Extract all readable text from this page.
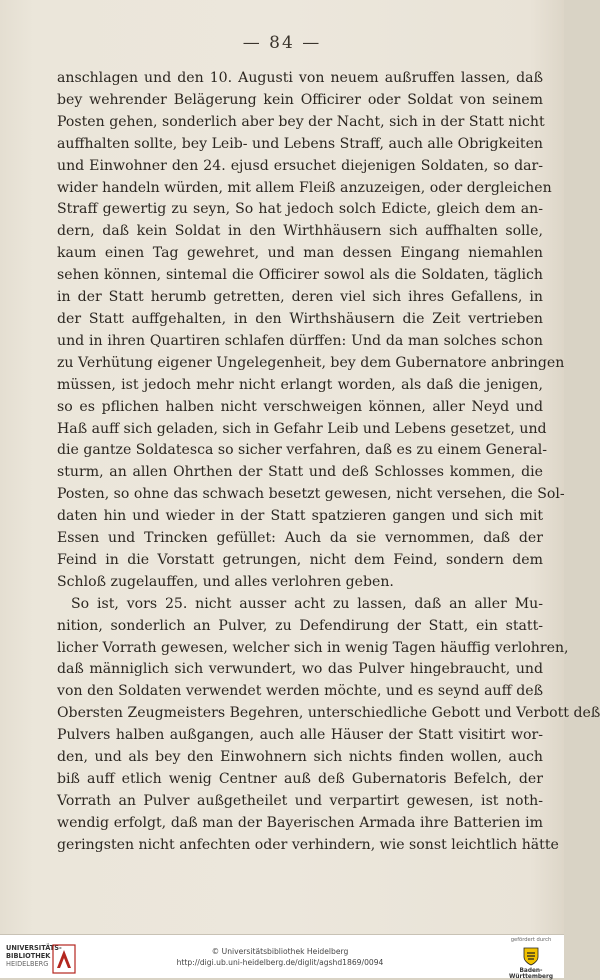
— 84 —
anschlagen und den 10. Augusti von neuem außruffen lassen, daß
bey wehrender Belägerung kein Officirer oder Soldat von seinem
Posten gehen, sonderlich aber bey der Nacht, sich in der Statt nicht
auffhalten sollte, bey Leib- und Lebens Straff, auch alle Obrigkeiten
und Einwohner den 24. ejusd ersuchet diejenigen Soldaten, so dar-
wider handeln würden, mit allem Fleiß anzuzeigen, oder dergleichen
Straff gewertig zu seyn, So hat jedoch solch Edicte, gleich dem an-
dern, daß kein Soldat in den Wirthhäusern sich auffhalten solle,
kaum einen Tag gewehret, und man dessen Eingang niemahlen
sehen können, sintemal die Officirer sowol als die Soldaten, täglich
in der Statt herumb getretten, deren viel sich ihres Gefallens, in
der Statt auffgehalten, in den Wirthshäusern die Zeit vertrieben
und in ihren Quartiren schlafen dürffen: Und da man solches schon
zu Verhütung eigener Ungelegenheit, bey dem Gubernatore anbringen
müssen, ist jedoch mehr nicht erlangt worden, als daß die jenigen,
so es pflichen halben nicht verschweigen können, aller Neyd und
Haß auff sich geladen, sich in Gefahr Leib und Lebens gesetzet, und
die gantze Soldatesca so sicher verfahren, daß es zu einem General-
sturm, an allen Ohrthen der Statt und deß Schlosses kommen, die
Posten, so ohne das schwach besetzt gewesen, nicht versehen, die Sol-
daten hin und wieder in der Statt spatzieren gangen und sich mit
Essen und Trincken gefüllet: Auch da sie vernommen, daß der
Feind in die Vorstatt getrungen, nicht dem Feind, sondern dem
Schloß zugelauffen, und alles verlohren geben.
So ist, vors 25. nicht ausser acht zu lassen, daß an aller Mu-
nition, sonderlich an Pulver, zu Defendirung der Statt, ein statt-
licher Vorrath gewesen, welcher sich in wenig Tagen häuffig verlohren,
daß männiglich sich verwundert, wo das Pulver hingebraucht, und
von den Soldaten verwendet werden möchte, und es seynd auff deß
Obersten Zeugmeisters Begehren, unterschiedliche Gebott und Verbott deß
Pulvers halben außgangen, auch alle Häuser der Statt visitirt wor-
den, und als bey den Einwohnern sich nichts finden wollen, auch
biß auff etlich wenig Centner auß deß Gubernatoris Befelch, der
Vorrath an Pulver außgetheilet und verpartirt gewesen, ist noth-
wendig erfolgt, daß man der Bayerischen Armada ihre Batterien im
geringsten nicht anfechten oder verhindern, wie sonst leichtlich hätte
UNIVERSITÄTS-
BIBLIOTHEK
HEIDELBERG
© Universitätsbibliothek Heidelberg
http://digi.ub.uni-heidelberg.de/diglit/agshd1869/0094
gefördert durch
Baden-Württemberg
